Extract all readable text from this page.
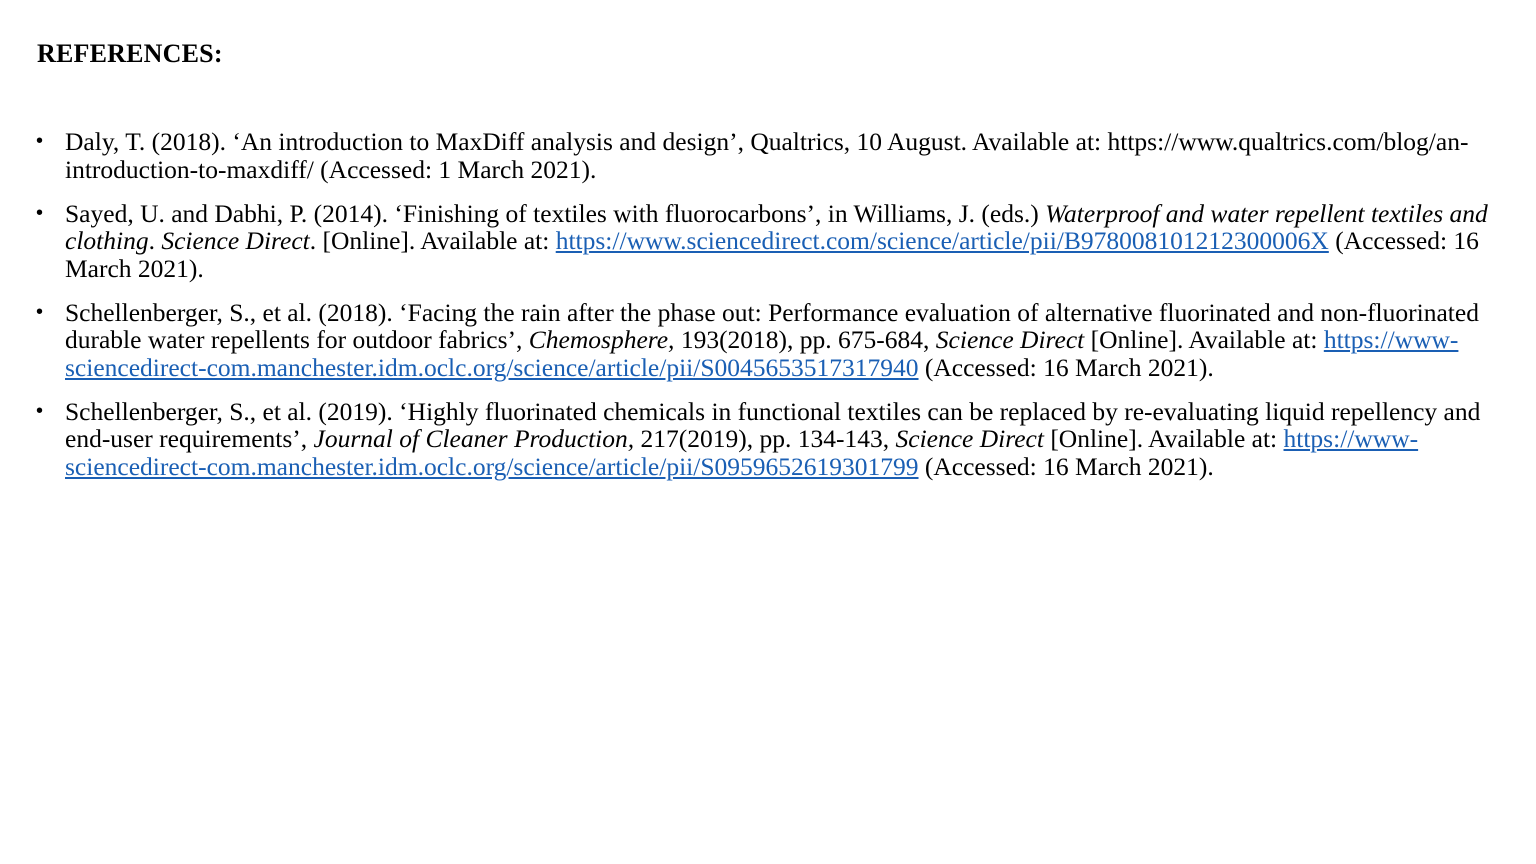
REFERENCES:
• Daly, T. (2018). ‘An introduction to MaxDiff analysis and design’, Qualtrics, 10 August. Available at: https://www.qualtrics.com/blog/an-introduction-to-maxdiff/ (Accessed: 1 March 2021).
• Sayed, U. and Dabhi, P. (2014). ‘Finishing of textiles with fluorocarbons’, in Williams, J. (eds.) Waterproof and water repellent textiles and clothing. Science Direct. [Online]. Available at: https://www.sciencedirect.com/science/article/pii/B978008101212300006X (Accessed: 16 March 2021).
• Schellenberger, S., et al. (2018). ‘Facing the rain after the phase out: Performance evaluation of alternative fluorinated and non-fluorinated durable water repellents for outdoor fabrics’, Chemosphere, 193(2018), pp. 675-684, Science Direct [Online]. Available at: https://www-sciencedirect-com.manchester.idm.oclc.org/science/article/pii/S0045653517317940 (Accessed: 16 March 2021).
• Schellenberger, S., et al. (2019). ‘Highly fluorinated chemicals in functional textiles can be replaced by re-evaluating liquid repellency and end-user requirements’, Journal of Cleaner Production, 217(2019), pp. 134-143, Science Direct [Online]. Available at: https://www-sciencedirect-com.manchester.idm.oclc.org/science/article/pii/S0959652619301799 (Accessed: 16 March 2021).
